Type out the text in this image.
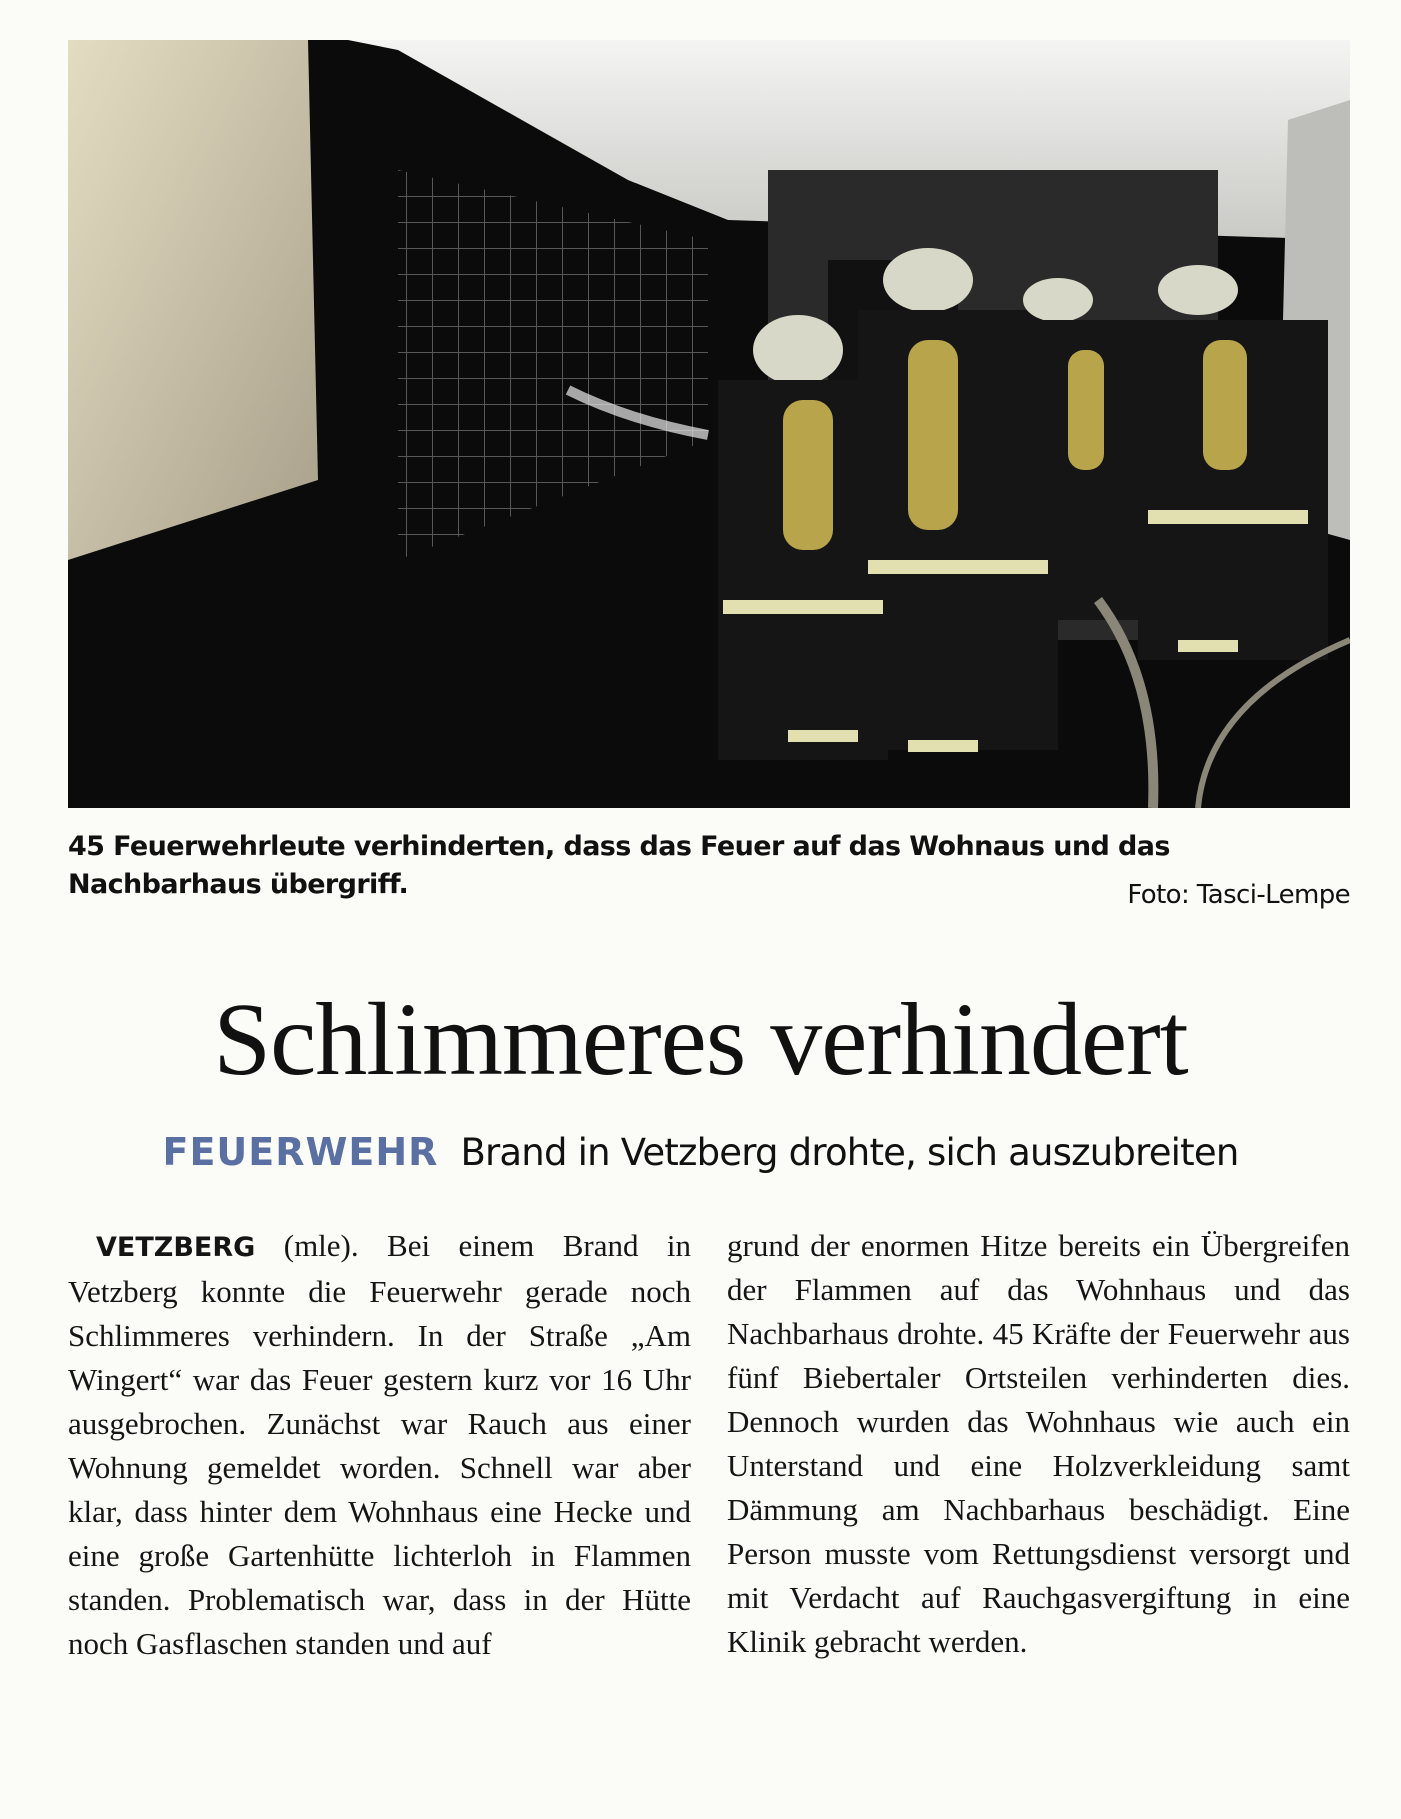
45 Feuerwehrleute verhinderten, dass das Feuer auf das Wohnaus und das Nachbarhaus übergriff.	Foto: Tasci-Lempe
Schlimmeres verhindert
FEUERWEHR Brand in Vetzberg drohte, sich auszubreiten
VETZBERG (mle). Bei einem Brand in Vetzberg konnte die Feuerwehr gerade noch Schlimmeres verhindern. In der Straße „Am Wingert“ war das Feuer gestern kurz vor 16 Uhr ausgebrochen. Zunächst war Rauch aus einer Wohnung gemeldet worden. Schnell war aber klar, dass hinter dem Wohnhaus eine Hecke und eine große Gartenhütte lichterloh in Flammen standen. Problematisch war, dass in der Hütte noch Gasflaschen standen und auf
grund der enormen Hitze bereits ein Übergreifen der Flammen auf das Wohnhaus und das Nachbarhaus drohte. 45 Kräfte der Feuerwehr aus fünf Biebertaler Ortsteilen verhinderten dies. Dennoch wurden das Wohnhaus wie auch ein Unterstand und eine Holzverkleidung samt Dämmung am Nachbarhaus beschädigt. Eine Person musste vom Rettungsdienst versorgt und mit Verdacht auf Rauchgasvergiftung in eine Klinik gebracht werden.
